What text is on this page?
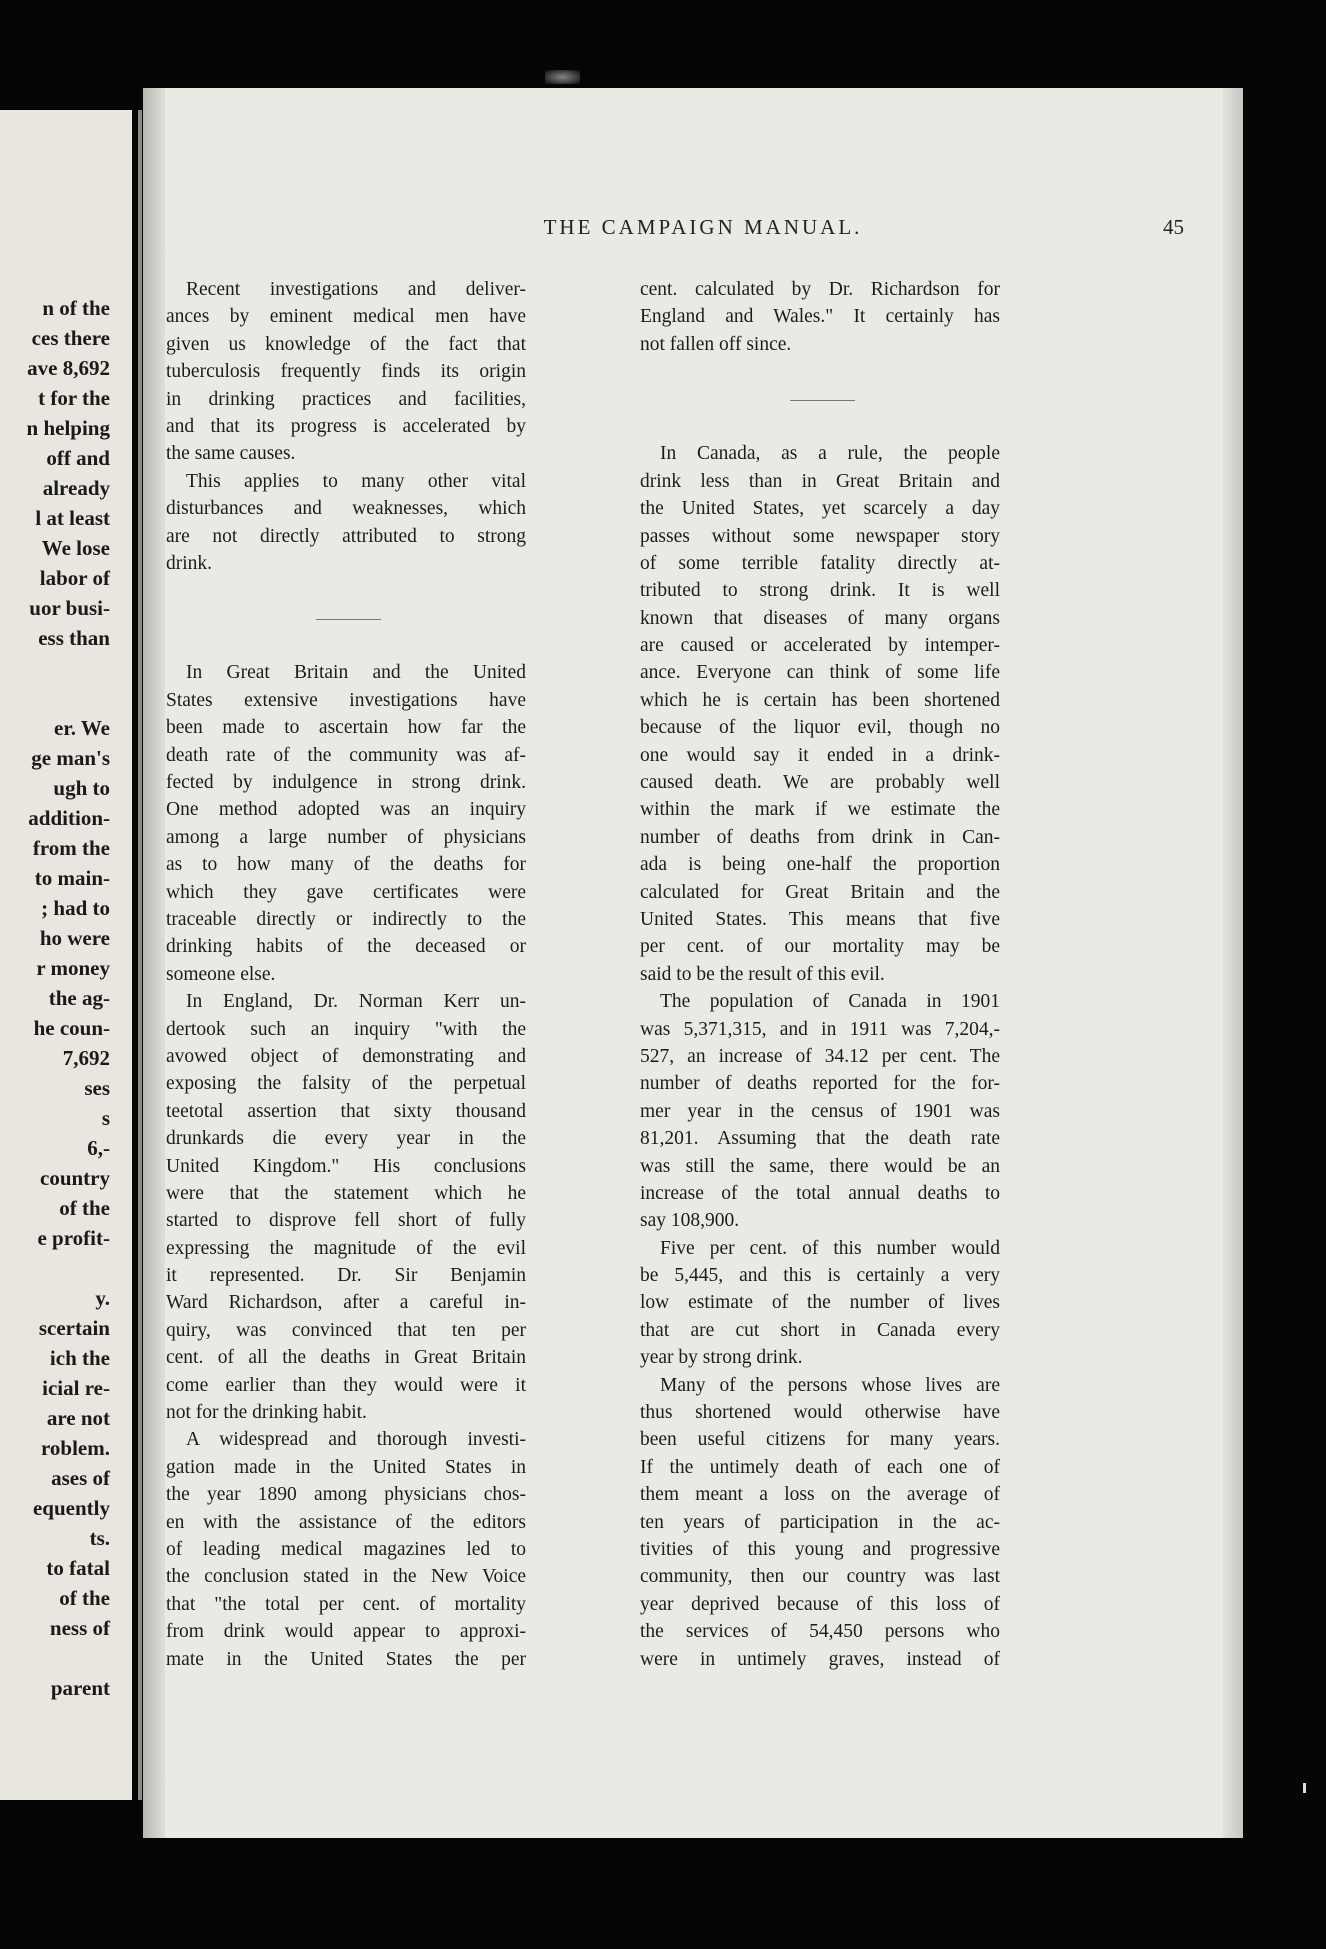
n of the
ces there
ave 8,692
t for the
n helping
off and
already
l at least
We lose
labor of
uor busi-
ess than
er. We
ge man's
ugh to
addition-
from the
to main-
; had to
ho were
r money
the ag-
he coun-
7,692
ses
s
6,-
country
of the
e profit-
y.
scertain
ich the
icial re-
are not
roblem.
ases of
equently
ts.
to fatal
of the
ness of
parent
THE CAMPAIGN MANUAL.	45
Recent investigations and deliver-
ances by eminent medical men have
given us knowledge of the fact that
tuberculosis frequently finds its origin
in drinking practices and facilities,
and that its progress is accelerated by
the same causes.
This applies to many other vital
disturbances and weaknesses, which
are not directly attributed to strong
drink.
In Great Britain and the United
States extensive investigations have
been made to ascertain how far the
death rate of the community was af-
fected by indulgence in strong drink.
One method adopted was an inquiry
among a large number of physicians
as to how many of the deaths for
which they gave certificates were
traceable directly or indirectly to the
drinking habits of the deceased or
someone else.
In England, Dr. Norman Kerr un-
dertook such an inquiry "with the
avowed object of demonstrating and
exposing the falsity of the perpetual
teetotal assertion that sixty thousand
drunkards die every year in the
United Kingdom." His conclusions
were that the statement which he
started to disprove fell short of fully
expressing the magnitude of the evil
it represented. Dr. Sir Benjamin
Ward Richardson, after a careful in-
quiry, was convinced that ten per
cent. of all the deaths in Great Britain
come earlier than they would were it
not for the drinking habit.
A widespread and thorough investi-
gation made in the United States in
the year 1890 among physicians chos-
en with the assistance of the editors
of leading medical magazines led to
the conclusion stated in the New Voice
that "the total per cent. of mortality
from drink would appear to approxi-
mate in the United States the per
cent. calculated by Dr. Richardson for
England and Wales." It certainly has
not fallen off since.
In Canada, as a rule, the people
drink less than in Great Britain and
the United States, yet scarcely a day
passes without some newspaper story
of some terrible fatality directly at-
tributed to strong drink. It is well
known that diseases of many organs
are caused or accelerated by intemper-
ance. Everyone can think of some life
which he is certain has been shortened
because of the liquor evil, though no
one would say it ended in a drink-
caused death. We are probably well
within the mark if we estimate the
number of deaths from drink in Can-
ada is being one-half the proportion
calculated for Great Britain and the
United States. This means that five
per cent. of our mortality may be
said to be the result of this evil.
The population of Canada in 1901
was 5,371,315, and in 1911 was 7,204,-
527, an increase of 34.12 per cent. The
number of deaths reported for the for-
mer year in the census of 1901 was
81,201. Assuming that the death rate
was still the same, there would be an
increase of the total annual deaths to
say 108,900.
Five per cent. of this number would
be 5,445, and this is certainly a very
low estimate of the number of lives
that are cut short in Canada every
year by strong drink.
Many of the persons whose lives are
thus shortened would otherwise have
been useful citizens for many years.
If the untimely death of each one of
them meant a loss on the average of
ten years of participation in the ac-
tivities of this young and progressive
community, then our country was last
year deprived because of this loss of
the services of 54,450 persons who
were in untimely graves, instead of
